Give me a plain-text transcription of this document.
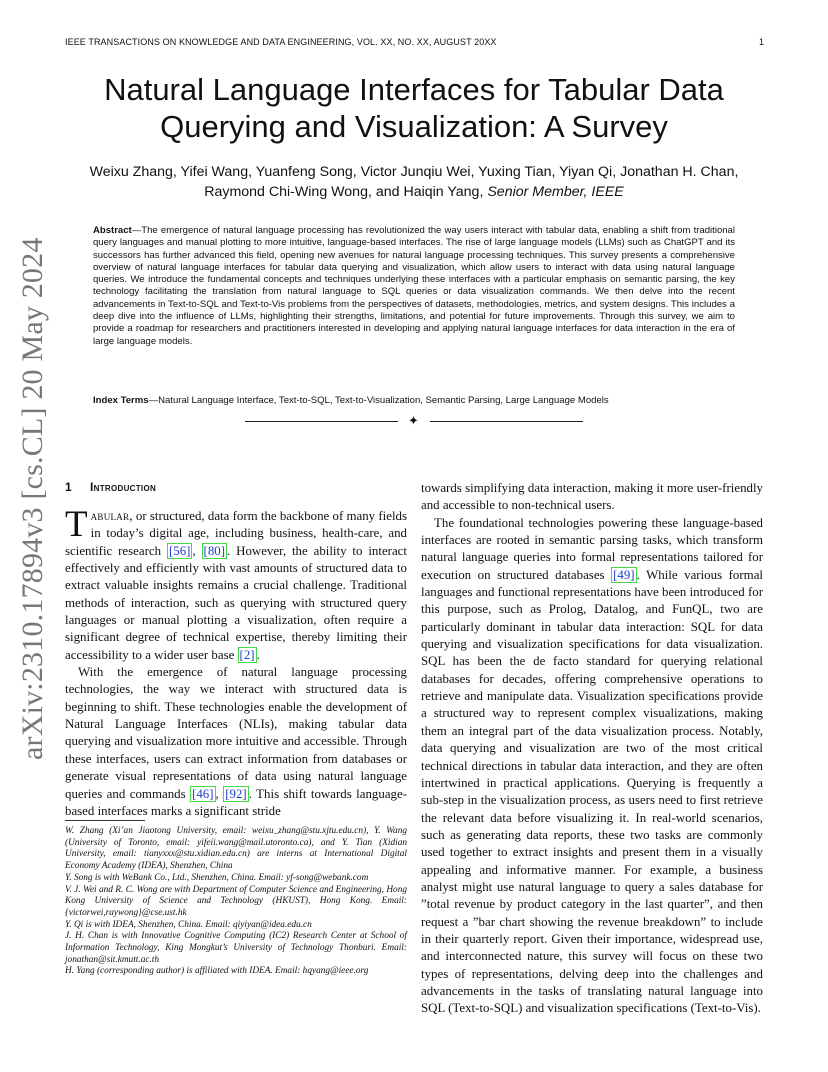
IEEE TRANSACTIONS ON KNOWLEDGE AND DATA ENGINEERING, VOL. XX, NO. XX, AUGUST 20XX	1
arXiv:2310.17894v3 [cs.CL] 20 May 2024
Natural Language Interfaces for Tabular Data Querying and Visualization: A Survey
Weixu Zhang, Yifei Wang, Yuanfeng Song, Victor Junqiu Wei, Yuxing Tian, Yiyan Qi, Jonathan H. Chan, Raymond Chi-Wing Wong, and Haiqin Yang, Senior Member, IEEE
Abstract—The emergence of natural language processing has revolutionized the way users interact with tabular data, enabling a shift from traditional query languages and manual plotting to more intuitive, language-based interfaces. The rise of large language models (LLMs) such as ChatGPT and its successors has further advanced this field, opening new avenues for natural language processing techniques. This survey presents a comprehensive overview of natural language interfaces for tabular data querying and visualization, which allow users to interact with data using natural language queries. We introduce the fundamental concepts and techniques underlying these interfaces with a particular emphasis on semantic parsing, the key technology facilitating the translation from natural language to SQL queries or data visualization commands. We then delve into the recent advancements in Text-to-SQL and Text-to-Vis problems from the perspectives of datasets, methodologies, metrics, and system designs. This includes a deep dive into the influence of LLMs, highlighting their strengths, limitations, and potential for future improvements. Through this survey, we aim to provide a roadmap for researchers and practitioners interested in developing and applying natural language interfaces for data interaction in the era of large language models.
Index Terms—Natural Language Interface, Text-to-SQL, Text-to-Visualization, Semantic Parsing, Large Language Models
✦
1 Introduction

Tabular, or structured, data form the backbone of many fields in today’s digital age, including business, health-care, and scientific research [56] , [80] . However, the ability to interact effectively and efficiently with vast amounts of structured data to extract valuable insights remains a crucial challenge. Traditional methods of interaction, such as querying with structured query languages or manual plotting a visualization, often require a significant degree of technical expertise, thereby limiting their accessibility to a wider user base [2] .

With the emergence of natural language processing technologies, the way we interact with structured data is beginning to shift. These technologies enable the development of Natural Language Interfaces (NLIs), making tabular data querying and visualization more intuitive and accessible. Through these interfaces, users can extract information from databases or generate visual representations of data using natural language queries and commands [46] , [92] . This shift towards language-based interfaces marks a significant stride

W. Zhang (Xi’an Jiaotong University, email: weixu_zhang@stu.xjtu.edu.cn), Y. Wang (University of Toronto, email: yifeii.wang@mail.utoronto.ca), and Y. Tian (Xidian University, email: tianyxxx@stu.xidian.edu.cn) are interns at International Digital Economy Academy (IDEA), Shenzhen, China

Y. Song is with WeBank Co., Ltd., Shenzhen, China. Email: yf-song@webank.com

V. J. Wei and R. C. Wong are with Department of Computer Science and Engineering, Hong Kong University of Science and Technology (HKUST), Hong Kong. Email: {victorwei,raywong}@cse.ust.hk

Y. Qi is with IDEA, Shenzhen, China. Email: qiyiyan@idea.edu.cn

J. H. Chan is with Innovative Cognitive Computing (IC2) Research Center at School of Information Technology, King Mongkut’s University of Technology Thonburi. Email: jonathan@sit.kmutt.ac.th

H. Yang (corresponding author) is affiliated with IDEA. Email: hqyang@ieee.org

towards simplifying data interaction, making it more user-friendly and accessible to non-technical users.

The foundational technologies powering these language-based interfaces are rooted in semantic parsing tasks, which transform natural language queries into formal representations tailored for execution on structured databases [49] . While various formal languages and functional representations have been introduced for this purpose, such as Prolog, Datalog, and FunQL, two are particularly dominant in tabular data interaction: SQL for data querying and visualization specifications for data visualization. SQL has been the de facto standard for querying relational databases for decades, offering comprehensive operations to retrieve and manipulate data. Visualization specifications provide a structured way to represent complex visualizations, making them an integral part of the data visualization process. Notably, data querying and visualization are two of the most critical technical directions in tabular data interaction, and they are often intertwined in practical applications. Querying is frequently a sub-step in the visualization process, as users need to first retrieve the relevant data before visualizing it. In real-world scenarios, such as generating data reports, these two tasks are commonly used together to extract insights and present them in a visually appealing and informative manner. For example, a business analyst might use natural language to query a sales database for ”total revenue by product category in the last quarter”, and then request a ”bar chart showing the revenue breakdown” to include in their quarterly report. Given their importance, widespread use, and interconnected nature, this survey will focus on these two types of representations, delving deep into the challenges and advancements in the tasks of translating natural language into SQL (Text-to-SQL) and visualization specifications (Text-to-Vis).
